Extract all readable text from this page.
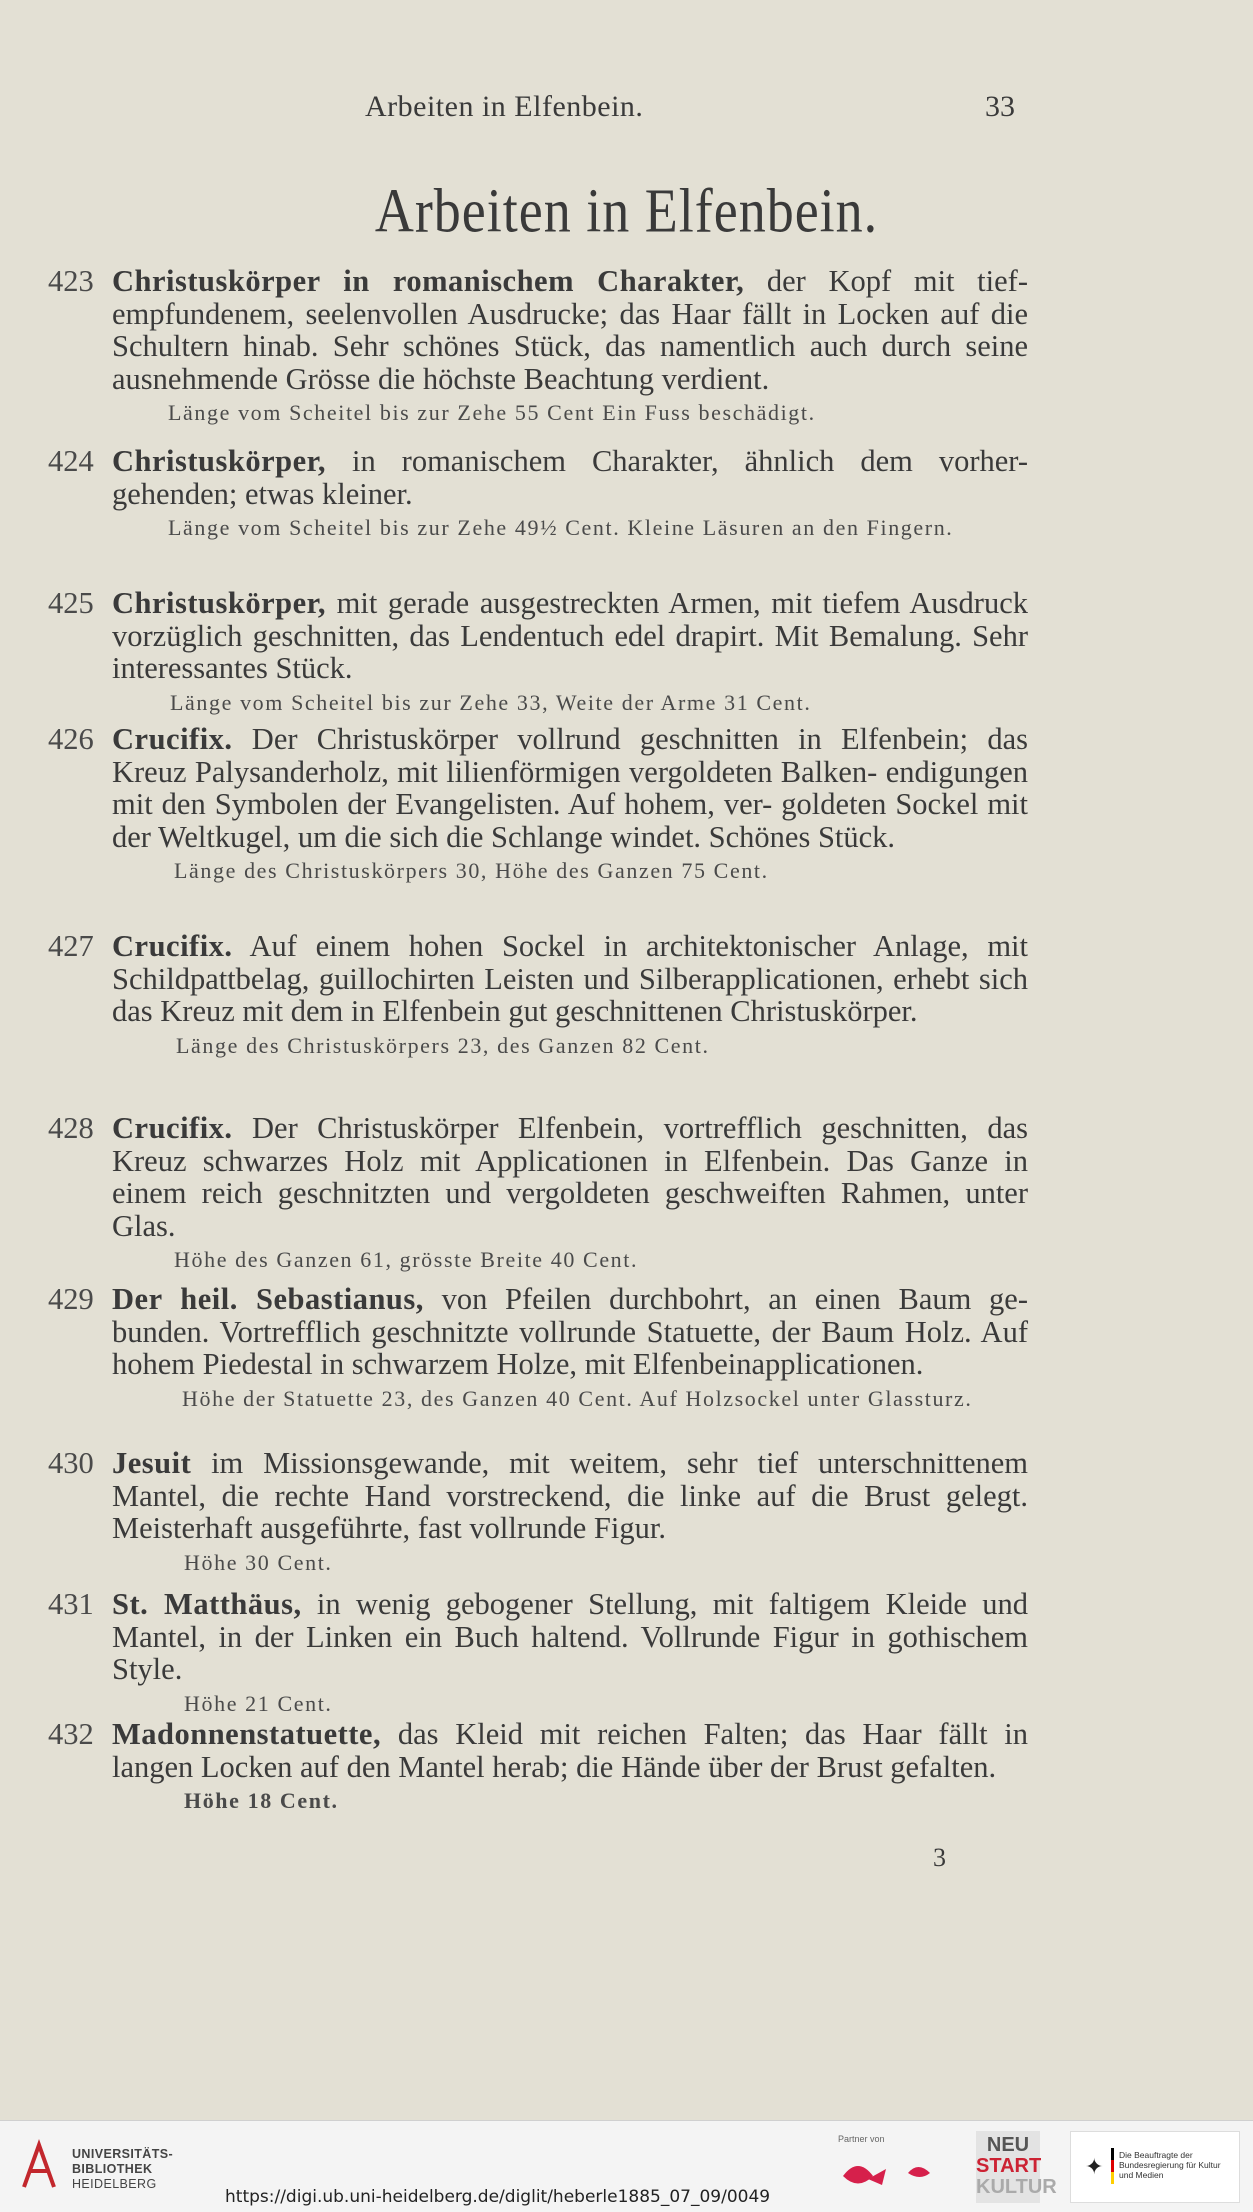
Arbeiten in Elfenbein.	33
Arbeiten in Elfenbein.
423 Christuskörper in romanischem Charakter, der Kopf mit tief- empfundenem, seelenvollen Ausdrucke; das Haar fällt in Locken auf die Schultern hinab. Sehr schönes Stück, das namentlich auch durch seine ausnehmende Grösse die höchste Beachtung verdient.
Länge vom Scheitel bis zur Zehe 55 Cent Ein Fuss beschädigt.
424 Christuskörper, in romanischem Charakter, ähnlich dem vorher- gehenden; etwas kleiner.
Länge vom Scheitel bis zur Zehe 49½ Cent. Kleine Läsuren an den Fingern.
425 Christuskörper, mit gerade ausgestreckten Armen, mit tiefem Ausdruck vorzüglich geschnitten, das Lendentuch edel drapirt. Mit Bemalung. Sehr interessantes Stück.
Länge vom Scheitel bis zur Zehe 33, Weite der Arme 31 Cent.
426 Crucifix. Der Christuskörper vollrund geschnitten in Elfenbein; das Kreuz Palysanderholz, mit lilienförmigen vergoldeten Balken- endigungen mit den Symbolen der Evangelisten. Auf hohem, ver- goldeten Sockel mit der Weltkugel, um die sich die Schlange windet. Schönes Stück.
Länge des Christuskörpers 30, Höhe des Ganzen 75 Cent.
427 Crucifix. Auf einem hohen Sockel in architektonischer Anlage, mit Schildpattbelag, guillochirten Leisten und Silberapplicationen, erhebt sich das Kreuz mit dem in Elfenbein gut geschnittenen Christuskörper.
Länge des Christuskörpers 23, des Ganzen 82 Cent.
428 Crucifix. Der Christuskörper Elfenbein, vortrefflich geschnitten, das Kreuz schwarzes Holz mit Applicationen in Elfenbein. Das Ganze in einem reich geschnitzten und vergoldeten geschweiften Rahmen, unter Glas.
Höhe des Ganzen 61, grösste Breite 40 Cent.
429 Der heil. Sebastianus, von Pfeilen durchbohrt, an einen Baum ge- bunden. Vortrefflich geschnitzte vollrunde Statuette, der Baum Holz. Auf hohem Piedestal in schwarzem Holze, mit Elfenbeinapplicationen.
Höhe der Statuette 23, des Ganzen 40 Cent. Auf Holzsockel unter Glassturz.
430 Jesuit im Missionsgewande, mit weitem, sehr tief unterschnittenem Mantel, die rechte Hand vorstreckend, die linke auf die Brust gelegt. Meisterhaft ausgeführte, fast vollrunde Figur.
Höhe 30 Cent.
431 St. Matthäus, in wenig gebogener Stellung, mit faltigem Kleide und Mantel, in der Linken ein Buch haltend. Vollrunde Figur in gothischem Style.
Höhe 21 Cent.
432 Madonnenstatuette, das Kleid mit reichen Falten; das Haar fällt in langen Locken auf den Mantel herab; die Hände über der Brust gefalten.
Höhe 18 Cent.
3
UNIVERSITÄTS-
BIBLIOTHEK
HEIDELBERG
https://digi.ub.uni-heidelberg.de/diglit/heberle1885_07_09/0049
Partner von	NEU
START
KULTUR
✦ Die Beauftragte der Bundesregierung für Kultur und Medien
